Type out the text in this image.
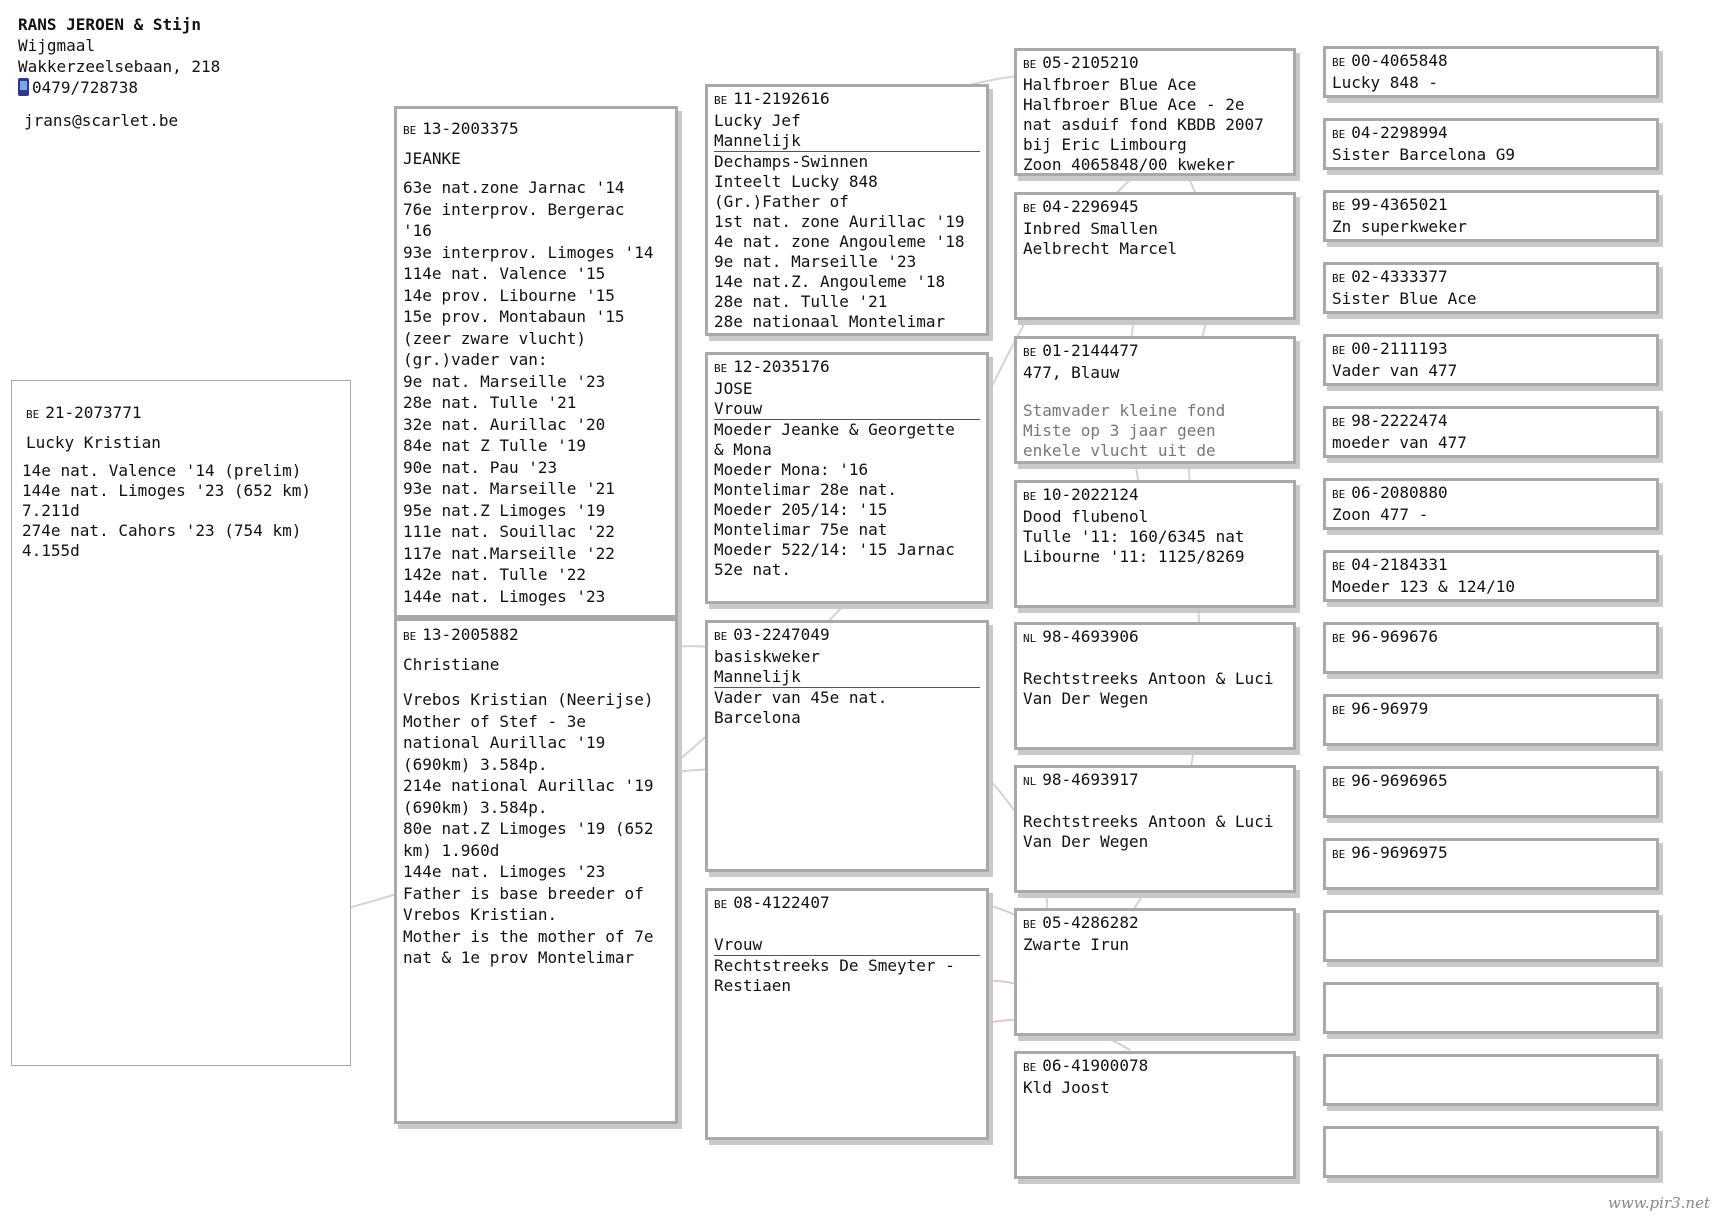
RANS JEROEN & Stijn
Wijgmaal
Wakkerzeelsebaan, 218
0479/728738
jrans@scarlet.be
BE 21-2073771
Lucky Kristian
14e nat. Valence '14 (prelim)
144e nat. Limoges '23 (652 km)
7.211d
274e nat. Cahors '23 (754 km)
4.155d
BE 13-2003375
JEANKE
63e nat.zone Jarnac '14
76e interprov. Bergerac
'16
93e interprov. Limoges '14
114e nat. Valence '15
14e prov. Libourne '15
15e prov. Montabaun '15
(zeer zware vlucht)
(gr.)vader van:
9e nat. Marseille '23
28e nat. Tulle '21
32e nat. Aurillac '20
84e nat Z Tulle '19
90e nat. Pau '23
93e nat. Marseille '21
95e nat.Z Limoges '19
111e nat. Souillac '22
117e nat.Marseille '22
142e nat. Tulle '22
144e nat. Limoges '23
BE 13-2005882
Christiane
Vrebos Kristian (Neerijse)
Mother of Stef - 3e
national Aurillac '19
(690km) 3.584p.
214e national Aurillac '19
(690km) 3.584p.
80e nat.Z Limoges '19 (652
km) 1.960d
144e nat. Limoges '23
Father is base breeder of
Vrebos Kristian.
Mother is the mother of 7e
nat & 1e prov Montelimar
BE 11-2192616
Lucky Jef
Mannelijk
Dechamps-Swinnen
Inteelt Lucky 848
(Gr.)Father of
1st nat. zone Aurillac '19
4e nat. zone Angouleme '18
9e nat. Marseille '23
14e nat.Z. Angouleme '18
28e nat. Tulle '21
28e nationaal Montelimar
BE 12-2035176
JOSE
Vrouw
Moeder Jeanke & Georgette
& Mona
Moeder Mona: '16
Montelimar 28e nat.
Moeder 205/14: '15
Montelimar 75e nat
Moeder 522/14: '15 Jarnac
52e nat.
BE 03-2247049
basiskweker
Mannelijk
Vader van 45e nat.
Barcelona
BE 08-4122407
Vrouw
Rechtstreeks De Smeyter -
Restiaen
BE 05-2105210
Halfbroer Blue Ace
Halfbroer Blue Ace - 2e
nat asduif fond KBDB 2007
bij Eric Limbourg
Zoon 4065848/00 kweker
BE 04-2296945
Inbred Smallen
Aelbrecht Marcel
BE 01-2144477
477, Blauw
Stamvader kleine fond
Miste op 3 jaar geen
enkele vlucht uit de
BE 10-2022124
Dood flubenol
Tulle '11: 160/6345 nat
Libourne '11: 1125/8269
NL 98-4693906
Rechtstreeks Antoon & Luci
Van Der Wegen
NL 98-4693917
Rechtstreeks Antoon & Luci
Van Der Wegen
BE 05-4286282
Zwarte Irun
BE 06-41900078
Kld Joost
BE 00-4065848
Lucky 848 -
BE 04-2298994
Sister Barcelona G9
BE 99-4365021
Zn superkweker
BE 02-4333377
Sister Blue Ace
BE 00-2111193
Vader van 477
BE 98-2222474
moeder van 477
BE 06-2080880
Zoon 477 -
BE 04-2184331
Moeder 123 & 124/10
BE 96-969676
BE 96-96979
BE 96-9696965
BE 96-9696975
www.pir3.net
